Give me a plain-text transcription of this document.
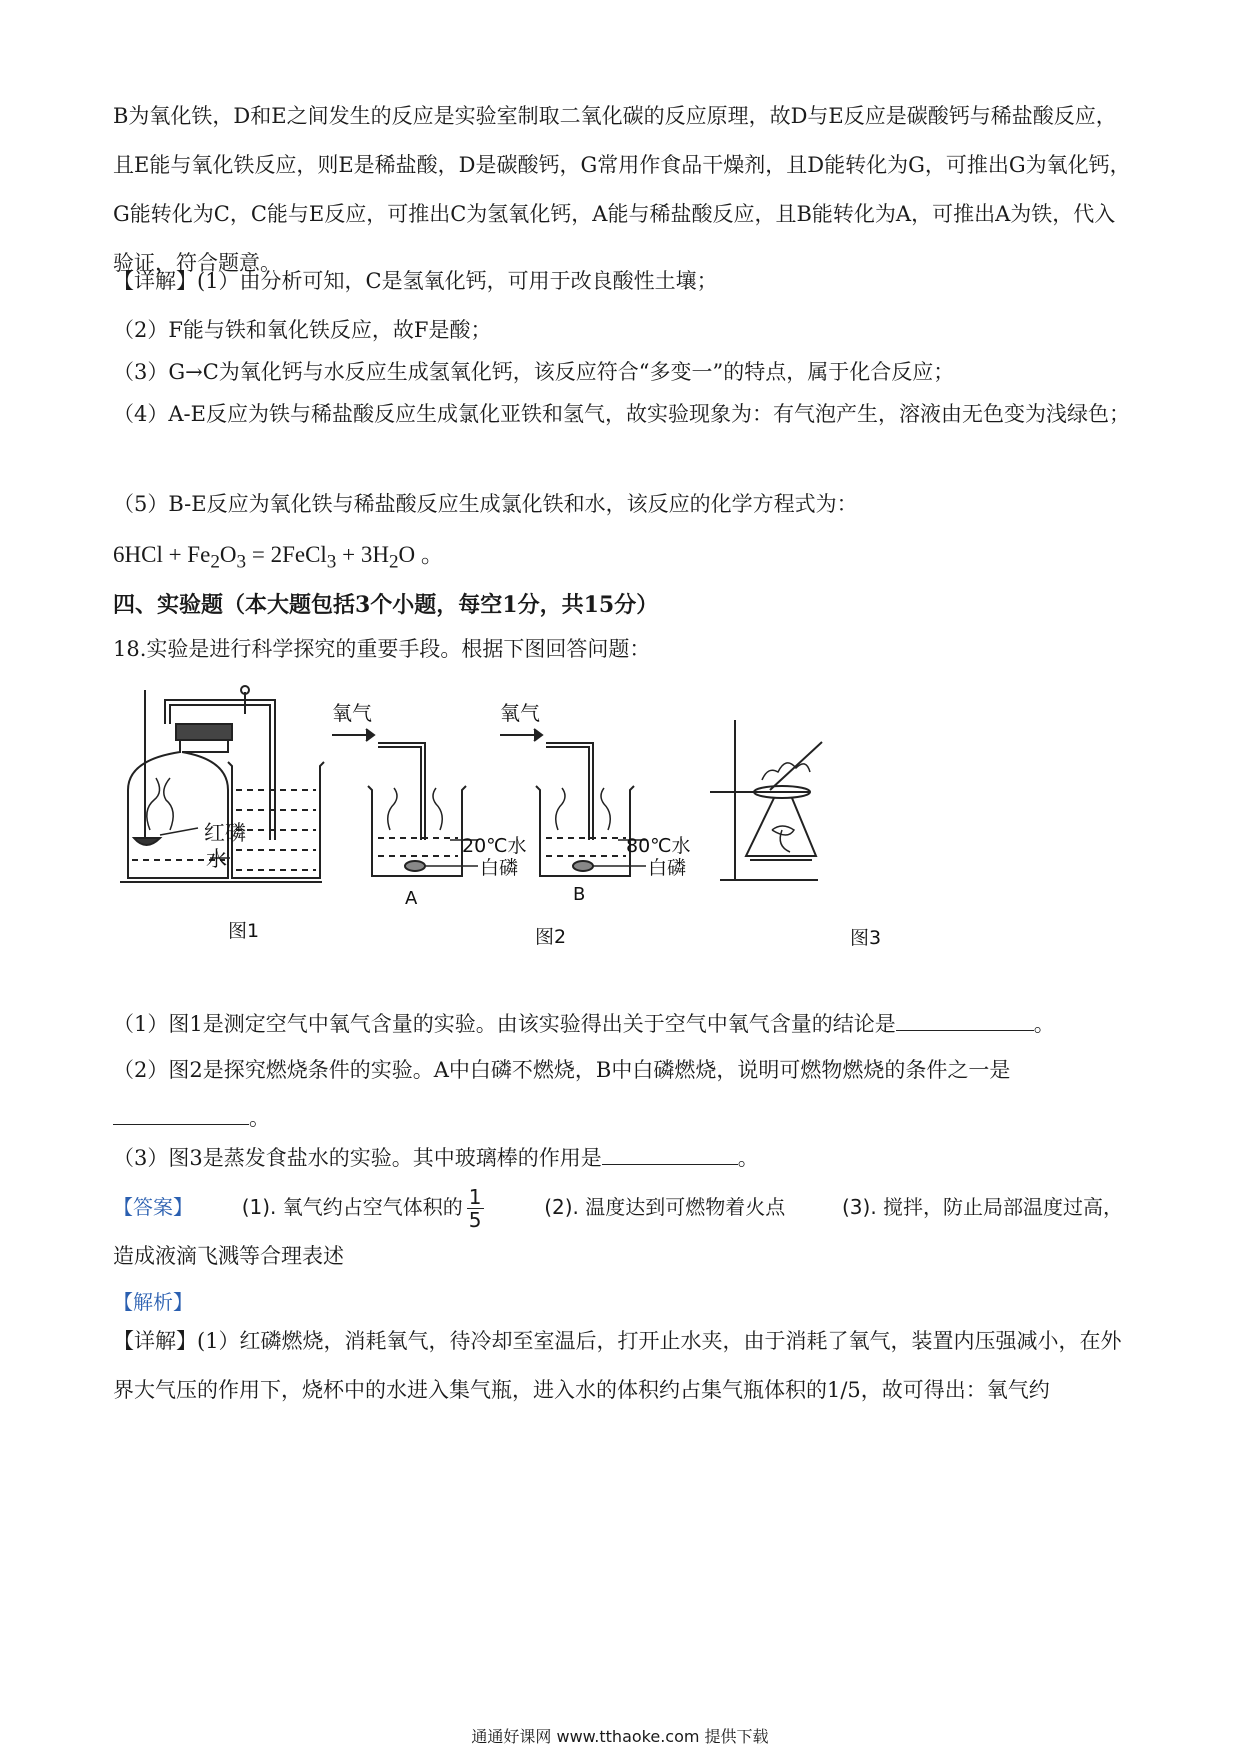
B为氧化铁，D和E之间发生的反应是实验室制取二氧化碳的反应原理，故D与E反应是碳酸钙与稀盐酸反应，且E能与氧化铁反应，则E是稀盐酸，D是碳酸钙，G常用作食品干燥剂，且D能转化为G，可推出G为氧化钙，G能转化为C，C能与E反应，可推出C为氢氧化钙，A能与稀盐酸反应，且B能转化为A，可推出A为铁，代入验证，符合题意。
【详解】(1）由分析可知，C是氢氧化钙，可用于改良酸性土壤；
（2）F能与铁和氧化铁反应，故F是酸；
（3）G→C为氧化钙与水反应生成氢氧化钙，该反应符合“多变一”的特点，属于化合反应；
（4）A-E反应为铁与稀盐酸反应生成氯化亚铁和氢气，故实验现象为：有气泡产生，溶液由无色变为浅绿色；
（5）B-E反应为氧化铁与稀盐酸反应生成氯化铁和水，该反应的化学方程式为：
$6HCl + Fe_2O_3$ = 2FeCl$_3$ + $3H_2O$ 。
四、实验题（本大题包括3个小题，每空1分，共15分）
18.实验是进行科学探究的重要手段。根据下图回答问题：
红磷
水
氧气	氧气
20℃水
白磷
80℃水
白磷
A	B
图1	图2	图3
（1）图1是测定空气中氧气含量的实验。由该实验得出关于空气中氧气含量的结论是	。
（2）图2是探究燃烧条件的实验。A中白磷不燃烧，B中白磷燃烧，说明可燃物燃烧的条件之一是
。
（3）图3是蒸发食盐水的实验。其中玻璃棒的作用是	。
【答案】 (1). 氧气约占空气体积的 $\frac{1}{5}$	(2). 温度达到可燃物着火点	(3). 搅拌，防止局部温度过高，
造成液滴飞溅等合理表述
【解析】
【详解】(1）红磷燃烧，消耗氧气，待冷却至室温后，打开止水夹，由于消耗了氧气，装置内压强减小，在外界大气压的作用下，烧杯中的水进入集气瓶，进入水的体积约占集气瓶体积的1/5，故可得出：氧气约
通通好课网 www.tthaoke.com 提供下载
